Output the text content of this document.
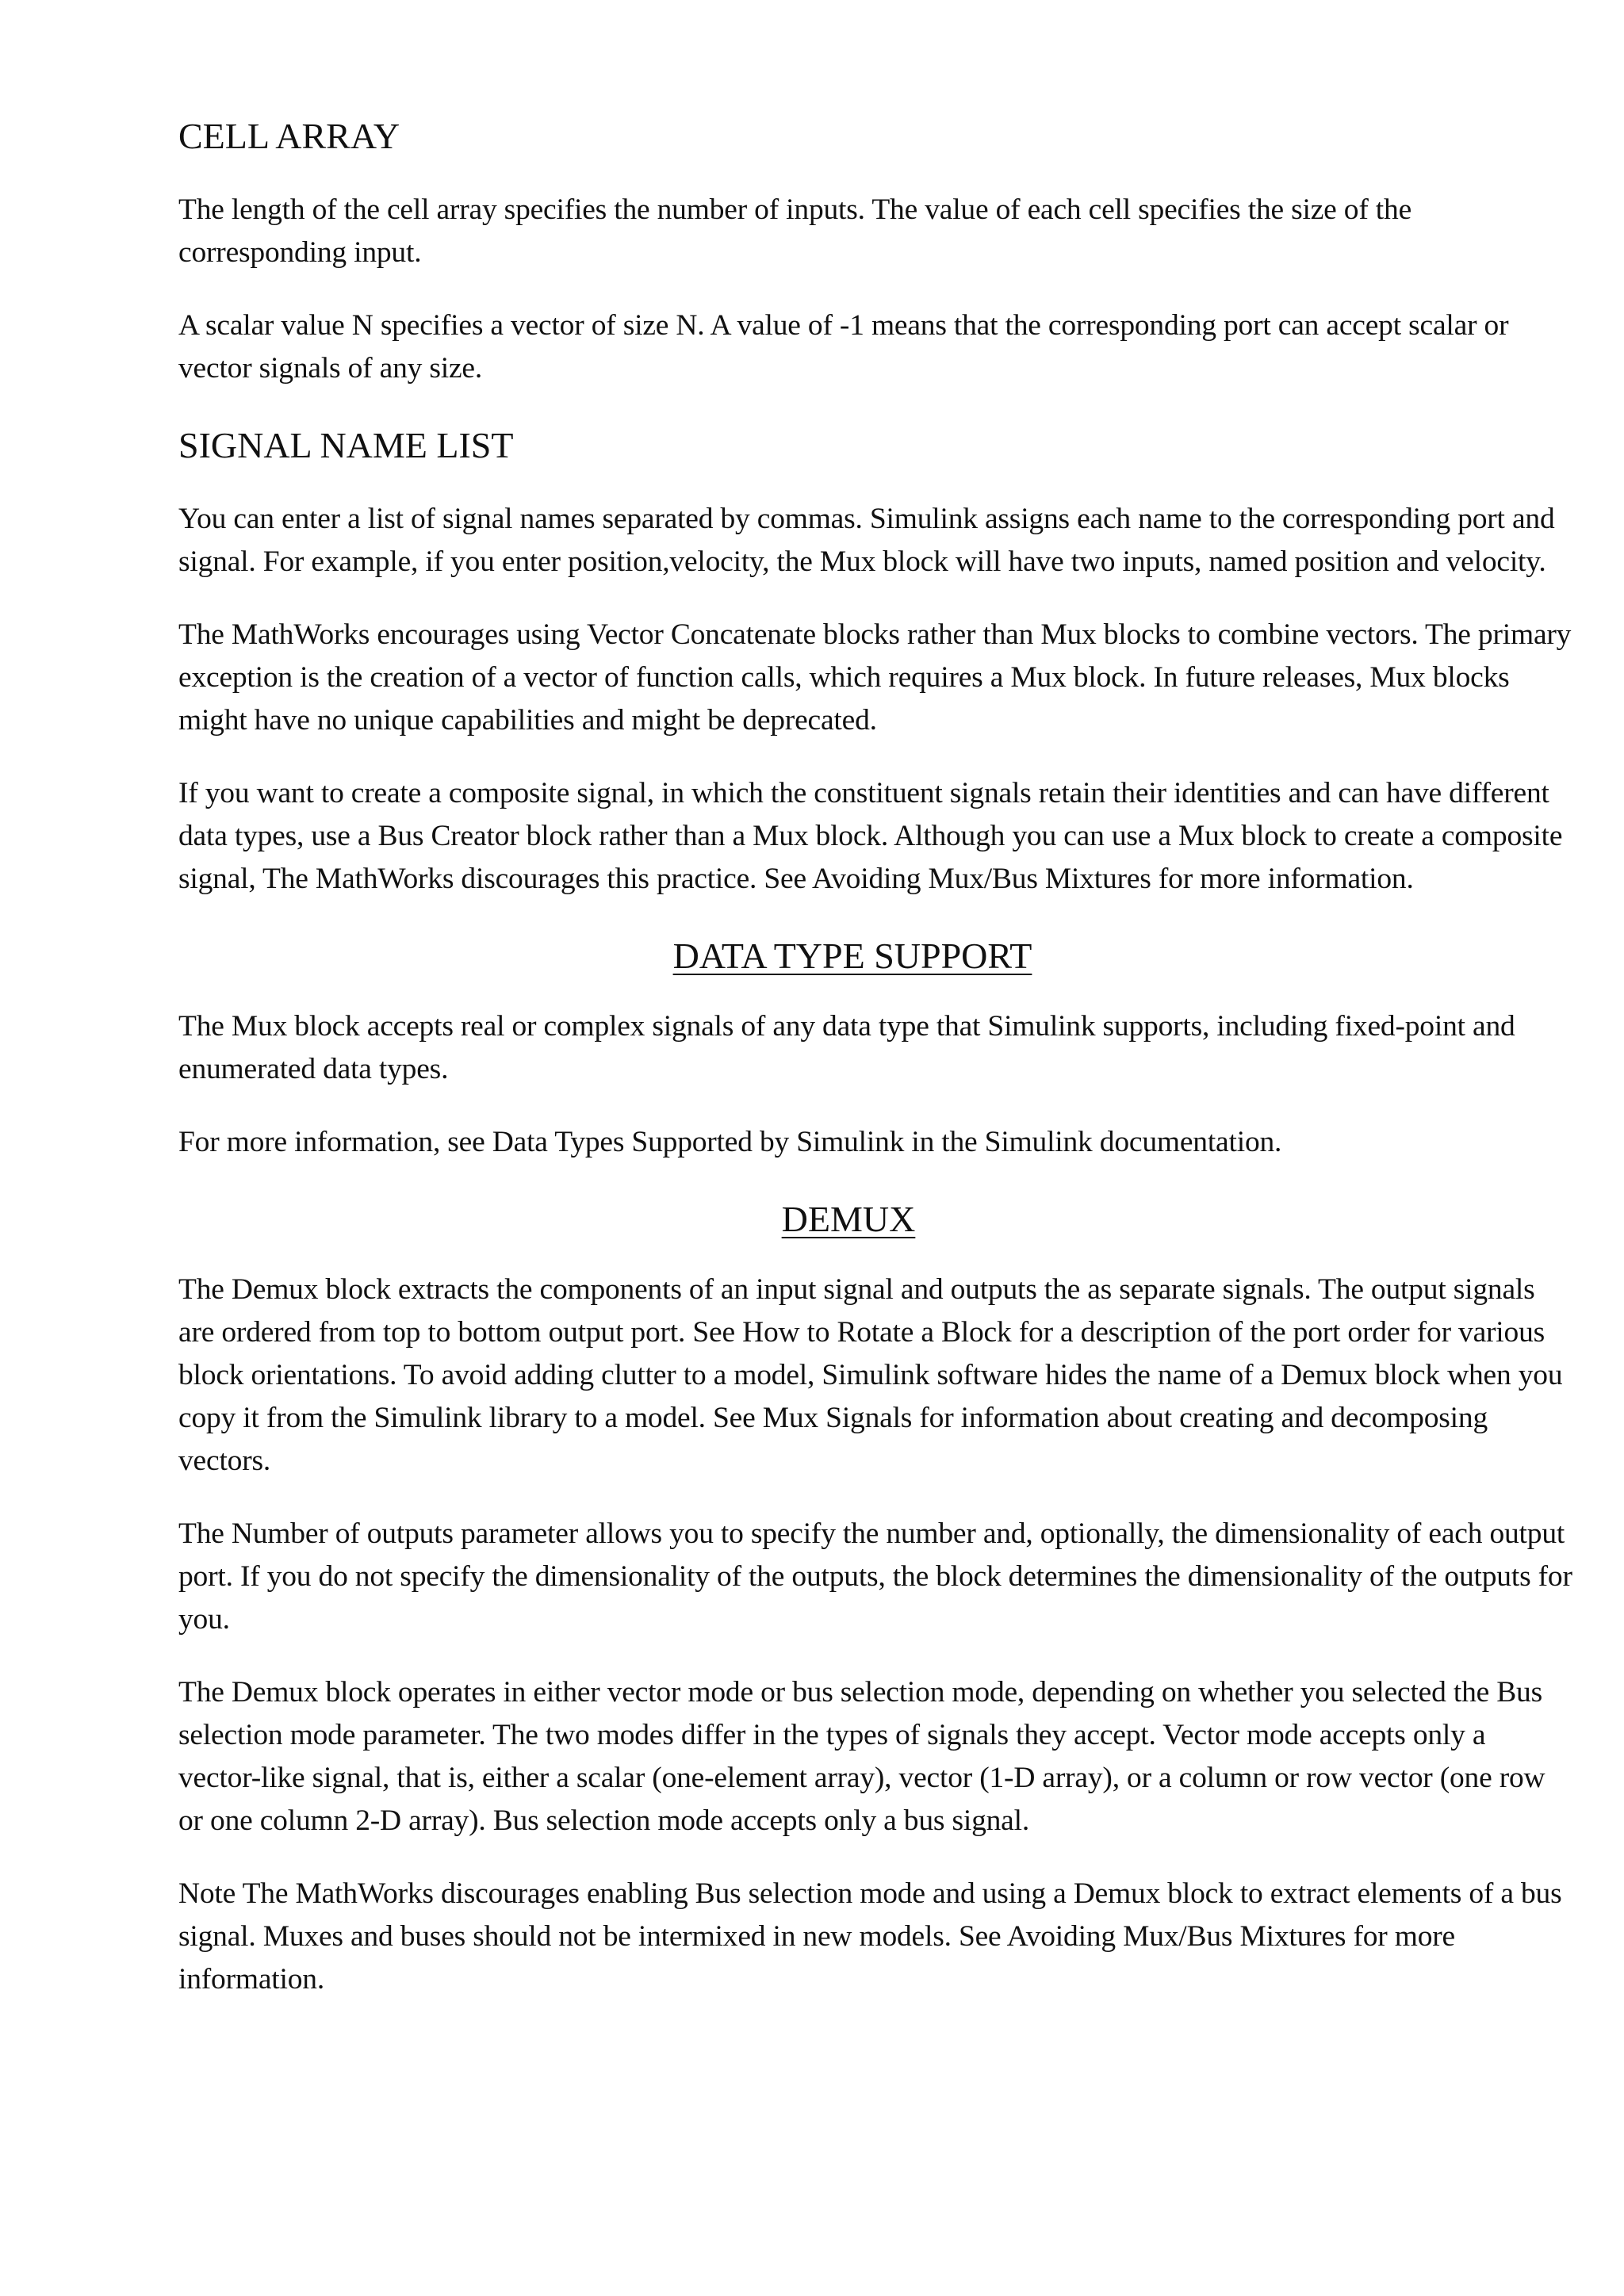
CELL ARRAY

The length of the cell array specifies the number of inputs. The value of each cell specifies the size of the corresponding input.

A scalar value N specifies a vector of size N. A value of -1 means that the corresponding port can accept scalar or vector signals of any size.

SIGNAL NAME LIST

You can enter a list of signal names separated by commas. Simulink assigns each name to the corresponding port and signal. For example, if you enter position,velocity, the Mux block will have two inputs, named position and velocity.

The MathWorks encourages using Vector Concatenate blocks rather than Mux blocks to combine vectors. The primary exception is the creation of a vector of function calls, which requires a Mux block. In future releases, Mux blocks might have no unique capabilities and might be deprecated.

If you want to create a composite signal, in which the constituent signals retain their identities and can have different data types, use a Bus Creator block rather than a Mux block. Although you can use a Mux block to create a composite signal, The MathWorks discourages this practice. See Avoiding Mux/Bus Mixtures for more information.

DATA TYPE SUPPORT

The Mux block accepts real or complex signals of any data type that Simulink supports, including fixed-point and enumerated data types.

For more information, see Data Types Supported by Simulink in the Simulink documentation.

DEMUX

The Demux block extracts the components of an input signal and outputs the as separate signals. The output signals are ordered from top to bottom output port. See How to Rotate a Block for a description of the port order for various block orientations. To avoid adding clutter to a model, Simulink software hides the name of a Demux block when you copy it from the Simulink library to a model. See Mux Signals for information about creating and decomposing vectors.

The Number of outputs parameter allows you to specify the number and, optionally, the dimensionality of each output port. If you do not specify the dimensionality of the outputs, the block determines the dimensionality of the outputs for you.

The Demux block operates in either vector mode or bus selection mode, depending on whether you selected the Bus selection mode parameter. The two modes differ in the types of signals they accept. Vector mode accepts only a vector-like signal, that is, either a scalar (one-element array), vector (1-D array), or a column or row vector (one row or one column 2-D array). Bus selection mode accepts only a bus signal.

Note The MathWorks discourages enabling Bus selection mode and using a Demux block to extract elements of a bus signal. Muxes and buses should not be intermixed in new models. See Avoiding Mux/Bus Mixtures for more information.
